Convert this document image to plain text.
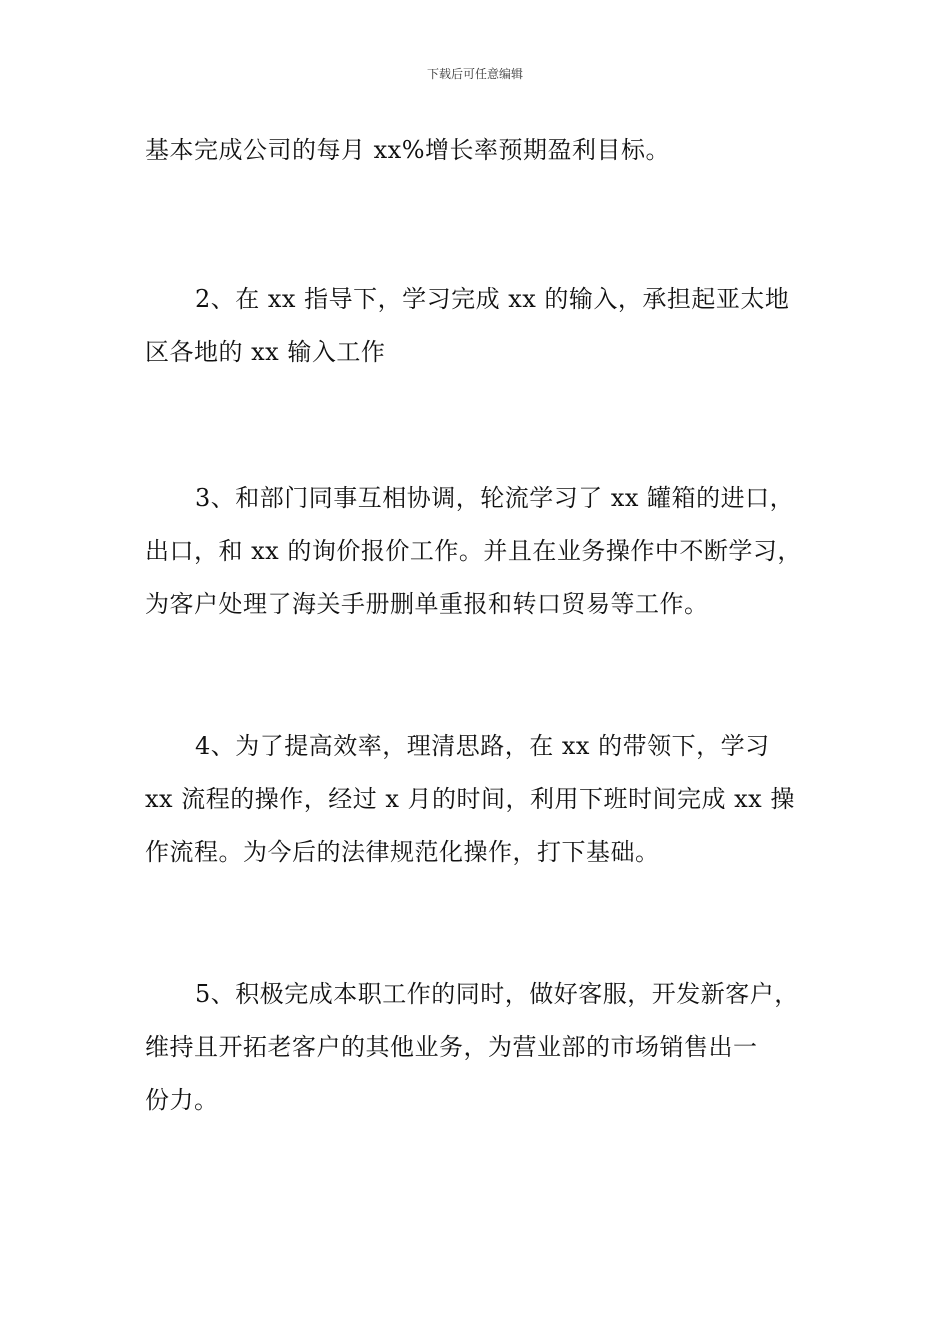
下载后可任意编辑
基本完成公司的每月 xx%增长率预期盈利目标。
2、在 xx 指导下，学习完成 xx 的输入，承担起亚太地
区各地的 xx 输入工作
3、和部门同事互相协调，轮流学习了 xx 罐箱的进口，
出口，和 xx 的询价报价工作。并且在业务操作中不断学习，
为客户处理了海关手册删单重报和转口贸易等工作。
4、为了提高效率，理清思路，在 xx 的带领下，学习
xx 流程的操作，经过 x 月的时间，利用下班时间完成 xx 操
作流程。为今后的法律规范化操作，打下基础。
5、积极完成本职工作的同时，做好客服，开发新客户，
维持且开拓老客户的其他业务，为营业部的市场销售出一
份力。
